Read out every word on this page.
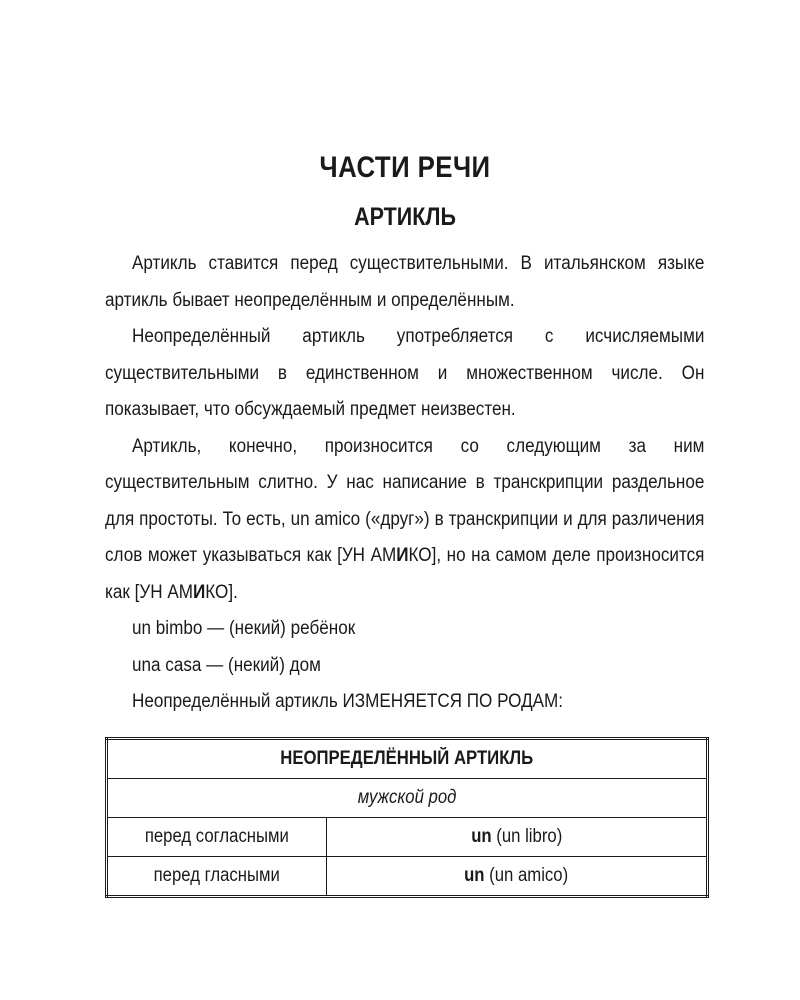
ЧАСТИ РЕЧИ
АРТИКЛЬ

Артикль ставится перед существительными. В итальянском языке артикль бывает неопределённым и определённым.

Неопределённый артикль употребляется с исчисляемыми существительными в единственном и множественном числе. Он показывает, что обсуждаемый предмет неизвестен.

Артикль, конечно, произносится со следующим за ним существительным слитно. У нас написание в транскрипции раздельное для простоты. То есть, un amico («друг») в транскрипции и для различения слов может указываться как [УН АМИКО], но на самом деле произносится как [УН АМИКО].

un bimbo — (некий) ребёнок

una casa — (некий) дом

Неопределённый артикль ИЗМЕНЯЕТСЯ ПО РОДАМ:

НЕОПРЕДЕЛЁННЫЙ АРТИКЛЬ	
мужской род	
перед согласными	un (un libro)
перед гласными	un (un amico)
